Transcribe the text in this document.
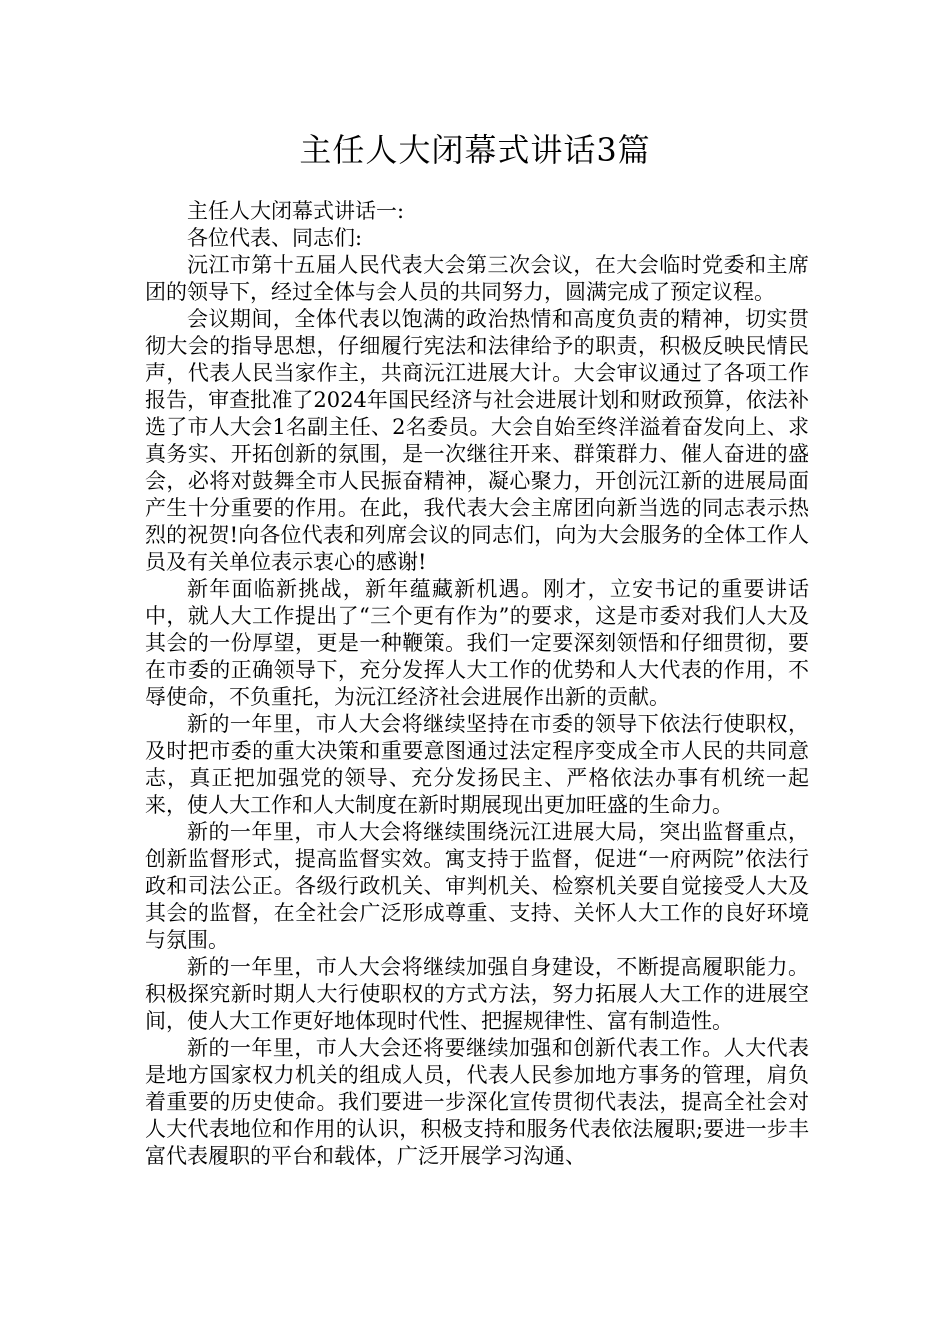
主任人大闭幕式讲话3篇

主任人大闭幕式讲话一:

各位代表、同志们:

沅江市第十五届人民代表大会第三次会议，在大会临时党委和主席团的领导下，经过全体与会人员的共同努力，圆满完成了预定议程。

会议期间，全体代表以饱满的政治热情和高度负责的精神，切实贯彻大会的指导思想，仔细履行宪法和法律给予的职责，积极反映民情民声，代表人民当家作主，共商沅江进展大计。大会审议通过了各项工作报告，审查批准了2024年国民经济与社会进展计划和财政预算，依法补选了市人大会1名副主任、2名委员。大会自始至终洋溢着奋发向上、求真务实、开拓创新的氛围，是一次继往开来、群策群力、催人奋进的盛会，必将对鼓舞全市人民振奋精神，凝心聚力，开创沅江新的进展局面产生十分重要的作用。在此，我代表大会主席团向新当选的同志表示热烈的祝贺!向各位代表和列席会议的同志们，向为大会服务的全体工作人员及有关单位表示衷心的感谢!

新年面临新挑战，新年蕴藏新机遇。刚才，立安书记的重要讲话中，就人大工作提出了“三个更有作为”的要求，这是市委对我们人大及其会的一份厚望，更是一种鞭策。我们一定要深刻领悟和仔细贯彻，要在市委的正确领导下，充分发挥人大工作的优势和人大代表的作用，不辱使命，不负重托，为沅江经济社会进展作出新的贡献。

新的一年里，市人大会将继续坚持在市委的领导下依法行使职权，及时把市委的重大决策和重要意图通过法定程序变成全市人民的共同意志，真正把加强党的领导、充分发扬民主、严格依法办事有机统一起来，使人大工作和人大制度在新时期展现出更加旺盛的生命力。

新的一年里，市人大会将继续围绕沅江进展大局，突出监督重点，创新监督形式，提高监督实效。寓支持于监督，促进“一府两院”依法行政和司法公正。各级行政机关、审判机关、检察机关要自觉接受人大及其会的监督，在全社会广泛形成尊重、支持、关怀人大工作的良好环境与氛围。

新的一年里，市人大会将继续加强自身建设，不断提高履职能力。积极探究新时期人大行使职权的方式方法，努力拓展人大工作的进展空间，使人大工作更好地体现时代性、把握规律性、富有制造性。

新的一年里，市人大会还将要继续加强和创新代表工作。人大代表是地方国家权力机关的组成人员，代表人民参加地方事务的管理，肩负着重要的历史使命。我们要进一步深化宣传贯彻代表法，提高全社会对人大代表地位和作用的认识，积极支持和服务代表依法履职;要进一步丰富代表履职的平台和载体，广泛开展学习沟通、
